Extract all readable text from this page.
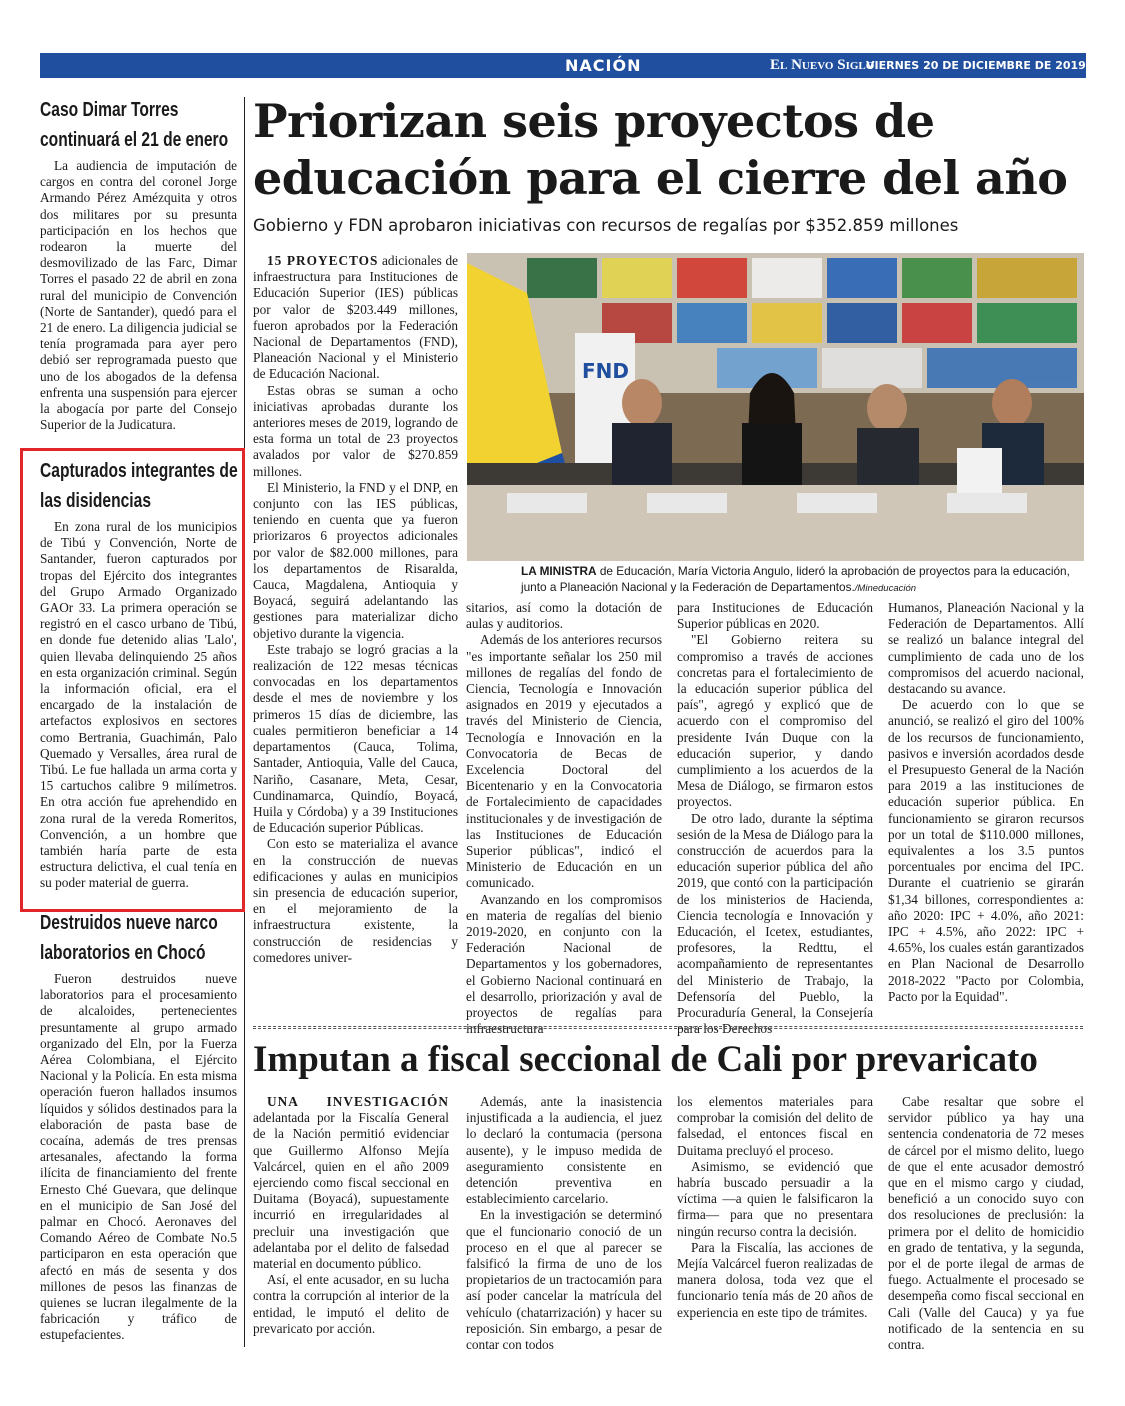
NACIÓN	El Nuevo Siglo
VIERNES 20 DE DICIEMBRE DE 2019 9B
Caso Dimar Torres continuará el 21 de enero
La audiencia de imputación de cargos en contra del coronel Jorge Armando Pérez Amézquita y otros dos militares por su presunta participación en los hechos que rodearon la muerte del desmovilizado de las Farc, Dimar Torres el pasado 22 de abril en zona rural del municipio de Convención (Norte de Santander), quedó para el 21 de enero. La diligencia judicial se tenía programada para ayer pero debió ser reprogramada puesto que uno de los abogados de la defensa enfrenta una suspensión para ejercer la abogacía por parte del Consejo Superior de la Judicatura.
Capturados integrantes de las disidencias
En zona rural de los municipios de Tibú y Convención, Norte de Santander, fueron capturados por tropas del Ejército dos integrantes del Grupo Armado Organizado GAOr 33. La primera operación se registró en el casco urbano de Tibú, en donde fue detenido alias 'Lalo', quien llevaba delinquiendo 25 años en esta organización criminal. Según la información oficial, era el encargado de la instalación de artefactos explosivos en sectores como Bertrania, Guachimán, Palo Quemado y Versalles, área rural de Tibú. Le fue hallada un arma corta y 15 cartuchos calibre 9 milímetros. En otra acción fue aprehendido en zona rural de la vereda Romeritos, Convención, a un hombre que también haría parte de esta estructura delictiva, el cual tenía en su poder material de guerra.
Destruidos nueve narco laboratorios en Chocó
Fueron destruidos nueve laboratorios para el procesamiento de alcaloides, pertenecientes presuntamente al grupo armado organizado del Eln, por la Fuerza Aérea Colombiana, el Ejército Nacional y la Policía. En esta misma operación fueron hallados insumos líquidos y sólidos destinados para la elaboración de pasta base de cocaína, además de tres prensas artesanales, afectando la forma ilícita de financiamiento del frente Ernesto Ché Guevara, que delinque en el municipio de San José del palmar en Chocó. Aeronaves del Comando Aéreo de Combate No.5 participaron en esta operación que afectó en más de sesenta y dos millones de pesos las finanzas de quienes se lucran ilegalmente de la fabricación y tráfico de estupefacientes.
Priorizan seis proyectos de educación para el cierre del año
Gobierno y FDN aprobaron iniciativas con recursos de regalías por $352.859 millones

15 PROYECTOS adicionales de infraestructura para Instituciones de Educación Superior (IES) públicas por valor de $203.449 millones, fueron aprobados por la Federación Nacional de Departamentos (FND), Planeación Nacional y el Ministerio de Educación Nacional.

Estas obras se suman a ocho iniciativas aprobadas durante los anteriores meses de 2019, logrando de esta forma un total de 23 proyectos avalados por valor de $270.859 millones.

El Ministerio, la FND y el DNP, en conjunto con las IES públicas, teniendo en cuenta que ya fueron priorizaros 6 proyectos adicionales por valor de $82.000 millones, para los departamentos de Risaralda, Cauca, Magdalena, Antioquia y Boyacá, seguirá adelantando las gestiones para materializar dicho objetivo durante la vigencia.

Este trabajo se logró gracias a la realización de 122 mesas técnicas convocadas en los departamentos desde el mes de noviembre y los primeros 15 días de diciembre, las cuales permitieron beneficiar a 14 departamentos (Cauca, Tolima, Santader, Antioquia, Valle del Cauca, Nariño, Casanare, Meta, Cesar, Cundinamarca, Quindío, Boyacá, Huila y Córdoba) y a 39 Instituciones de Educación superior Públicas.

Con esto se materializa el avance en la construcción de nuevas edificaciones y aulas en municipios sin presencia de educación superior, en el mejoramiento de la infraestructura existente, la construcción de residencias y comedores univer-

FND
LA MINISTRA de Educación, María Victoria Angulo, lideró la aprobación de proyectos para la educación, junto a Planeación Nacional y la Federación de Departamentos./Mineducación

sitarios, así como la dotación de aulas y auditorios.

Además de los anteriores recursos "es importante señalar los 250 mil millones de regalías del fondo de Ciencia, Tecnología e Innovación asignados en 2019 y ejecutados a través del Ministerio de Ciencia, Tecnología e Innovación en la Convocatoria de Becas de Excelencia Doctoral del Bicentenario y en la Convocatoria de Fortalecimiento de capacidades institucionales y de investigación de las Instituciones de Educación Superior públicas", indicó el Ministerio de Educación en un comunicado.

Avanzando en los compromisos en materia de regalías del bienio 2019-2020, en conjunto con la Federación Nacional de Departamentos y los gobernadores, el Gobierno Nacional continuará en el desarrollo, priorización y aval de proyectos de regalías para infraestructura

para Instituciones de Educación Superior públicas en 2020.

"El Gobierno reitera su compromiso a través de acciones concretas para el fortalecimiento de la educación superior pública del país", agregó y explicó que de acuerdo con el compromiso del presidente Iván Duque con la educación superior, y dando cumplimiento a los acuerdos de la Mesa de Diálogo, se firmaron estos proyectos.

De otro lado, durante la séptima sesión de la Mesa de Diálogo para la construcción de acuerdos para la educación superior pública del año 2019, que contó con la participación de los ministerios de Hacienda, Ciencia tecnología e Innovación y Educación, el Icetex, estudiantes, profesores, la Redttu, el acompañamiento de representantes del Ministerio de Trabajo, la Defensoría del Pueblo, la Procuraduría General, la Consejería para los Derechos

Humanos, Planeación Nacional y la Federación de Departamentos. Allí se realizó un balance integral del cumplimiento de cada uno de los compromisos del acuerdo nacional, destacando su avance.

De acuerdo con lo que se anunció, se realizó el giro del 100% de los recursos de funcionamiento, pasivos e inversión acordados desde el Presupuesto General de la Nación para 2019 a las instituciones de educación superior pública. En funcionamiento se giraron recursos por un total de $110.000 millones, equivalentes a los 3.5 puntos porcentuales por encima del IPC. Durante el cuatrienio se girarán $1,34 billones, correspondientes a: año 2020: IPC + 4.0%, año 2021: IPC + 4.5%, año 2022: IPC + 4.65%, los cuales están garantizados en Plan Nacional de Desarrollo 2018-2022 "Pacto por Colombia, Pacto por la Equidad".

Imputan a fiscal seccional de Cali por prevaricato

UNA INVESTIGACIÓN adelantada por la Fiscalía General de la Nación permitió evidenciar que Guillermo Alfonso Mejía Valcárcel, quien en el año 2009 ejerciendo como fiscal seccional en Duitama (Boyacá), supuestamente incurrió en irregularidades al precluir una investigación que adelantaba por el delito de falsedad material en documento público.

Así, el ente acusador, en su lucha contra la corrupción al interior de la entidad, le imputó el delito de prevaricato por acción.

Además, ante la inasistencia injustificada a la audiencia, el juez lo declaró la contumacia (persona ausente), y le impuso medida de aseguramiento consistente en detención preventiva en establecimiento carcelario.

En la investigación se determinó que el funcionario conoció de un proceso en el que al parecer se falsificó la firma de uno de los propietarios de un tractocamión para así poder cancelar la matrícula del vehículo (chatarrización) y hacer su reposición. Sin embargo, a pesar de contar con todos

los elementos materiales para comprobar la comisión del delito de falsedad, el entonces fiscal en Duitama precluyó el proceso.

Asimismo, se evidenció que habría buscado persuadir a la víctima —a quien le falsificaron la firma— para que no presentara ningún recurso contra la decisión.

Para la Fiscalía, las acciones de Mejía Valcárcel fueron realizadas de manera dolosa, toda vez que el funcionario tenía más de 20 años de experiencia en este tipo de trámites.

Cabe resaltar que sobre el servidor público ya hay una sentencia condenatoria de 72 meses de cárcel por el mismo delito, luego de que el ente acusador demostró que en el mismo cargo y ciudad, benefició a un conocido suyo con dos resoluciones de preclusión: la primera por el delito de homicidio en grado de tentativa, y la segunda, por el de porte ilegal de armas de fuego. Actualmente el procesado se desempeña como fiscal seccional en Cali (Valle del Cauca) y ya fue notificado de la sentencia en su contra.
